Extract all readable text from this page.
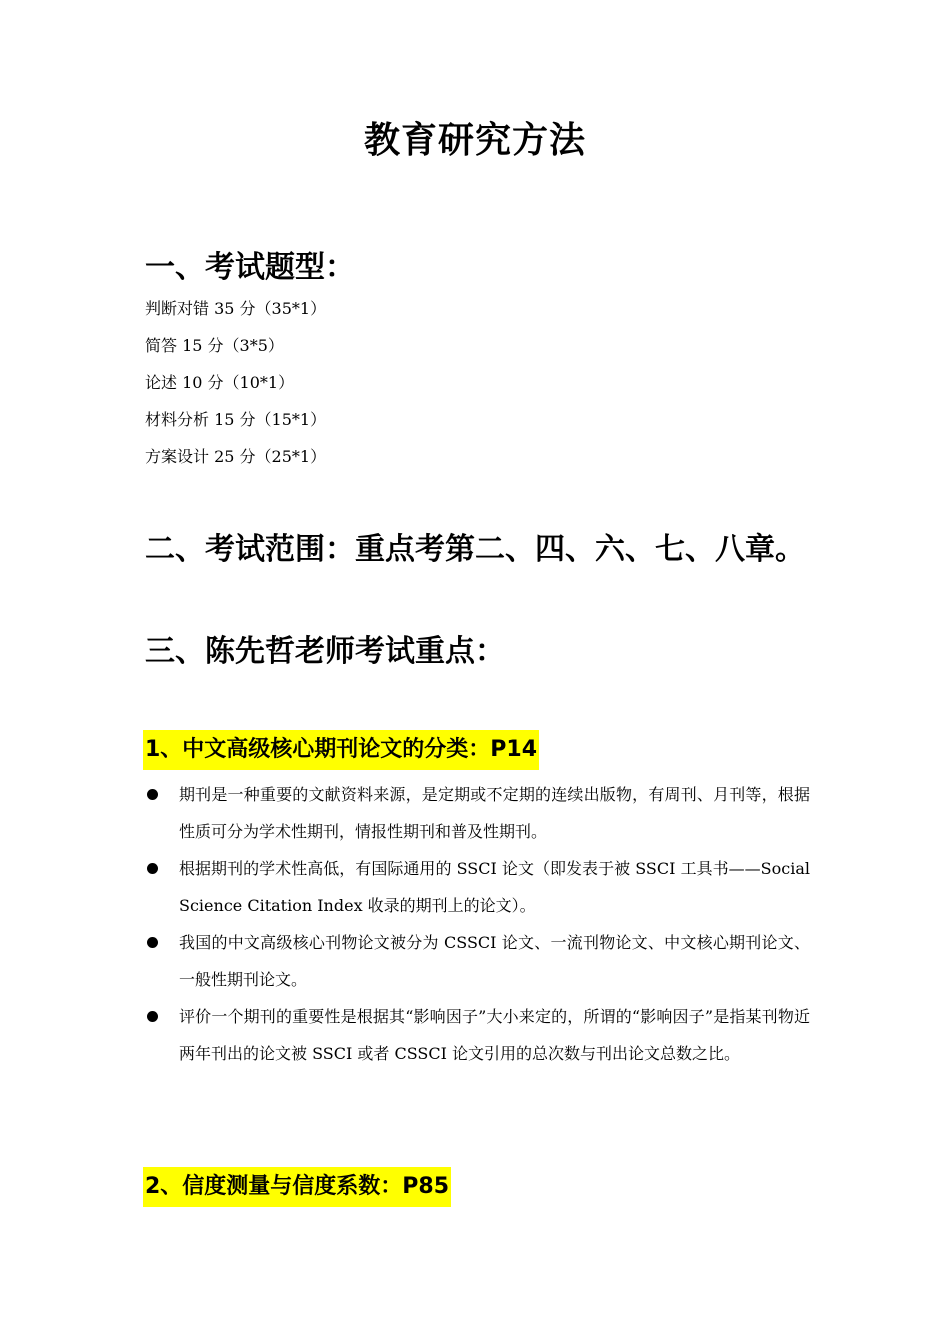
教育研究方法
一、考试题型：
判断对错 35 分（35*1）
简答 15 分（3*5）
论述 10 分（10*1）
材料分析 15 分（15*1）
方案设计 25 分（25*1）
二、考试范围：重点考第二、四、六、七、八章。
三、陈先哲老师考试重点：
1、中文高级核心期刊论文的分类：P14
期刊是一种重要的文献资料来源，是定期或不定期的连续出版物，有周刊、月刊等，根据性质可分为学术性期刊，情报性期刊和普及性期刊。
根据期刊的学术性高低，有国际通用的 SSCI 论文（即发表于被 SSCI 工具书——Social Science Citation Index 收录的期刊上的论文）。
我国的中文高级核心刊物论文被分为 CSSCI 论文、一流刊物论文、中文核心期刊论文、一般性期刊论文。
评价一个期刊的重要性是根据其“影响因子”大小来定的，所谓的“影响因子”是指某刊物近两年刊出的论文被 SSCI 或者 CSSCI 论文引用的总次数与刊出论文总数之比。
2、信度测量与信度系数：P85
